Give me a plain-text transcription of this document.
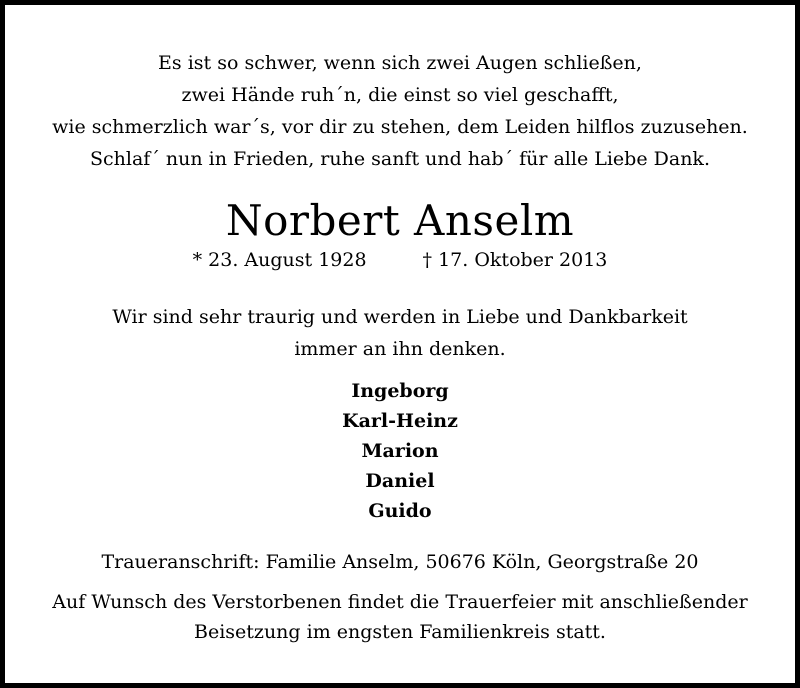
Es ist so schwer, wenn sich zwei Augen schließen,
zwei Hände ruh´n, die einst so viel geschafft,
wie schmerzlich war´s, vor dir zu stehen, dem Leiden hilflos zuzusehen.
Schlaf´ nun in Frieden, ruhe sanft und hab´ für alle Liebe Dank.
Norbert Anselm
* 23. August 1928	† 17. Oktober 2013
Wir sind sehr traurig und werden in Liebe und Dankbarkeit
immer an ihn denken.
Ingeborg
Karl-Heinz
Marion
Daniel
Guido
Traueranschrift: Familie Anselm, 50676 Köln, Georgstraße 20
Auf Wunsch des Verstorbenen findet die Trauerfeier mit anschließender
Beisetzung im engsten Familienkreis statt.
